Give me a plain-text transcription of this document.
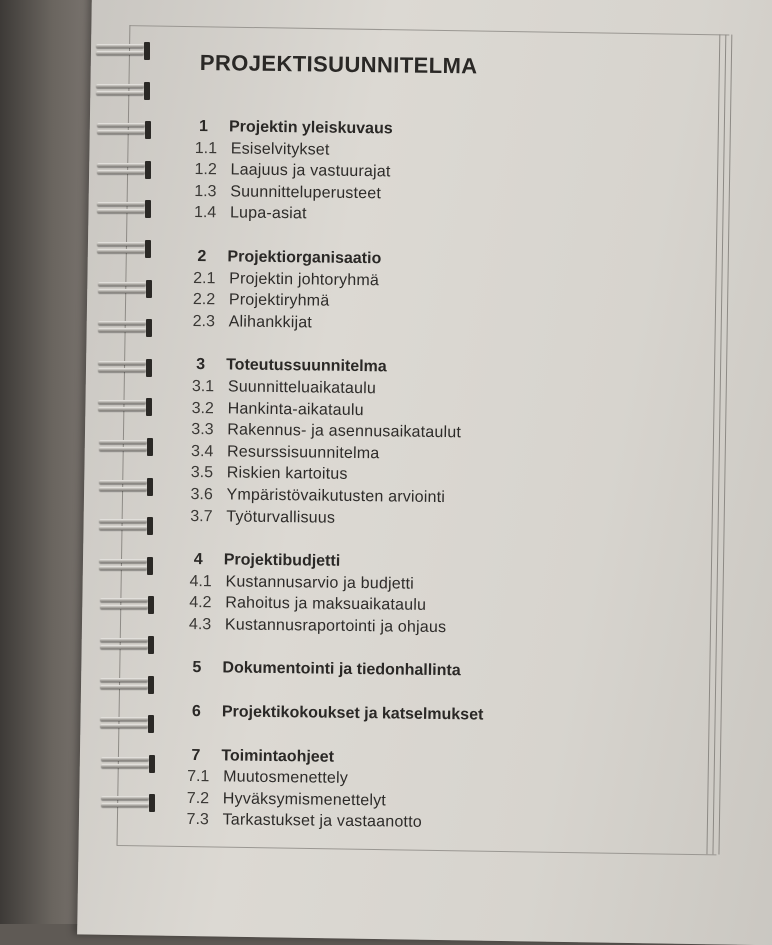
PROJEKTISUUNNITELMA
1	Projektin yleiskuvaus
1.1 Esiselvitykset
1.2 Laajuus ja vastuurajat
1.3 Suunnitteluperusteet
1.4 Lupa-asiat
2	Projektiorganisaatio
2.1 Projektin johtoryhmä
2.2 Projektiryhmä
2.3 Alihankkijat
3	Toteutussuunnitelma
3.1 Suunnitteluaikataulu
3.2 Hankinta-aikataulu
3.3 Rakennus- ja asennusaikataulut
3.4 Resurssisuunnitelma
3.5 Riskien kartoitus
3.6 Ympäristövaikutusten arviointi
3.7 Työturvallisuus
4	Projektibudjetti
4.1 Kustannusarvio ja budjetti
4.2 Rahoitus ja maksuaikataulu
4.3 Kustannusraportointi ja ohjaus
5	Dokumentointi ja tiedonhallinta
6	Projektikokoukset ja katselmukset
7	Toimintaohjeet
7.1 Muutosmenettely
7.2 Hyväksymismenettelyt
7.3 Tarkastukset ja vastaanotto
